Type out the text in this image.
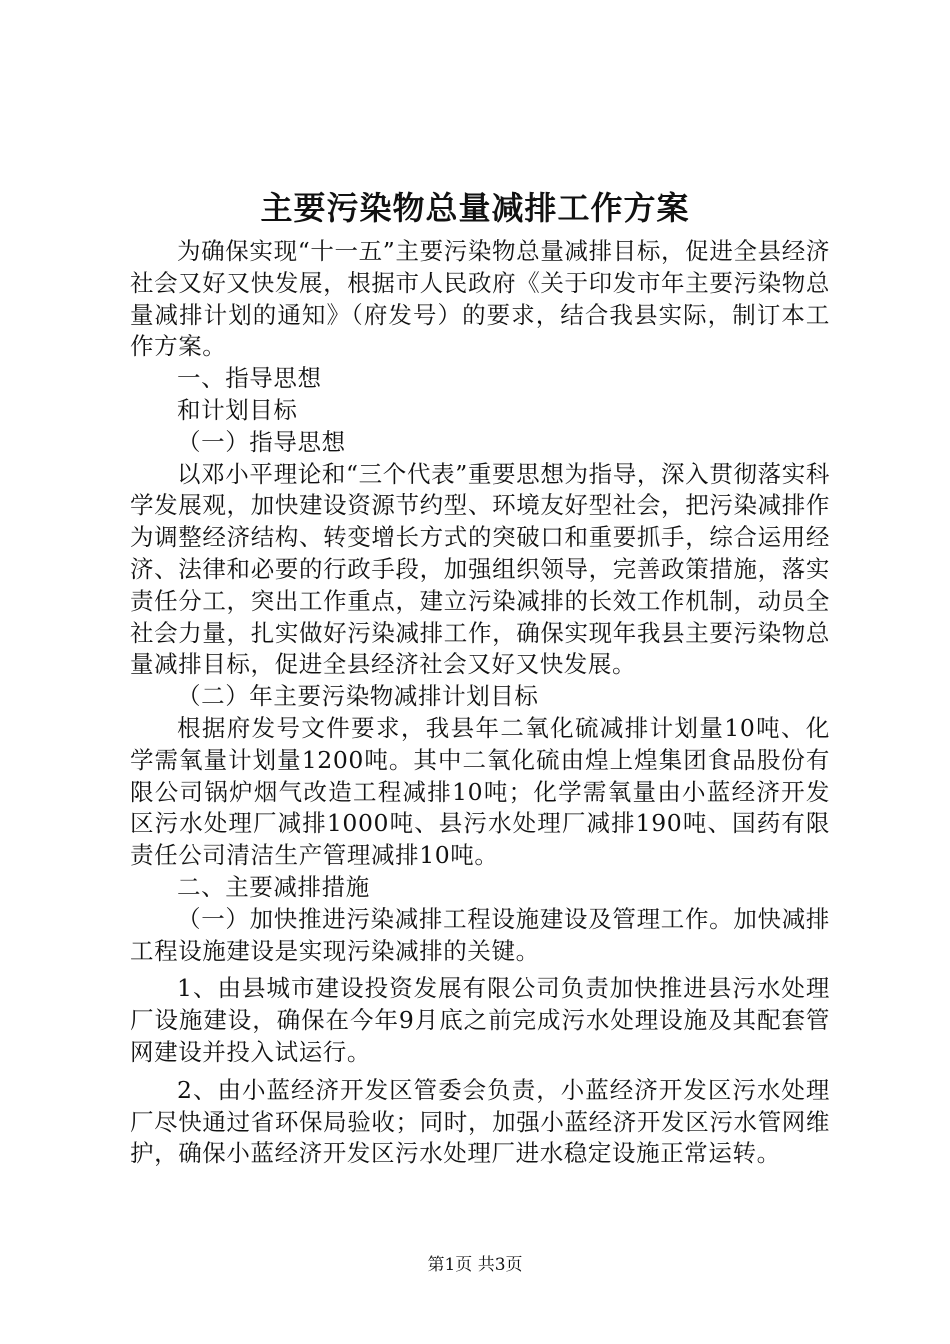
主要污染物总量减排工作方案

为确保实现“十一五”主要污染物总量减排目标，促进全县经济社会又好又快发展，根据市人民政府《关于印发市年主要污染物总量减排计划的通知》（府发号）的要求，结合我县实际，制订本工作方案。

一、指导思想

和计划目标

（一）指导思想

以邓小平理论和“三个代表”重要思想为指导，深入贯彻落实科学发展观，加快建设资源节约型、环境友好型社会，把污染减排作为调整经济结构、转变增长方式的突破口和重要抓手，综合运用经济、法律和必要的行政手段，加强组织领导，完善政策措施，落实责任分工，突出工作重点，建立污染减排的长效工作机制，动员全社会力量，扎实做好污染减排工作，确保实现年我县主要污染物总量减排目标，促进全县经济社会又好又快发展。

（二）年主要污染物减排计划目标

根据府发号文件要求，我县年二氧化硫减排计划量10吨、化学需氧量计划量1200吨。其中二氧化硫由煌上煌集团食品股份有限公司锅炉烟气改造工程减排10吨；化学需氧量由小蓝经济开发区污水处理厂减排1000吨、县污水处理厂减排190吨、国药有限责任公司清洁生产管理减排10吨。

二、主要减排措施

（一）加快推进污染减排工程设施建设及管理工作。加快减排工程设施建设是实现污染减排的关键。

1、由县城市建设投资发展有限公司负责加快推进县污水处理厂设施建设，确保在今年9月底之前完成污水处理设施及其配套管网建设并投入试运行。

2、由小蓝经济开发区管委会负责，小蓝经济开发区污水处理厂尽快通过省环保局验收；同时，加强小蓝经济开发区污水管网维护，确保小蓝经济开发区污水处理厂进水稳定设施正常运转。

第1页 共3页
